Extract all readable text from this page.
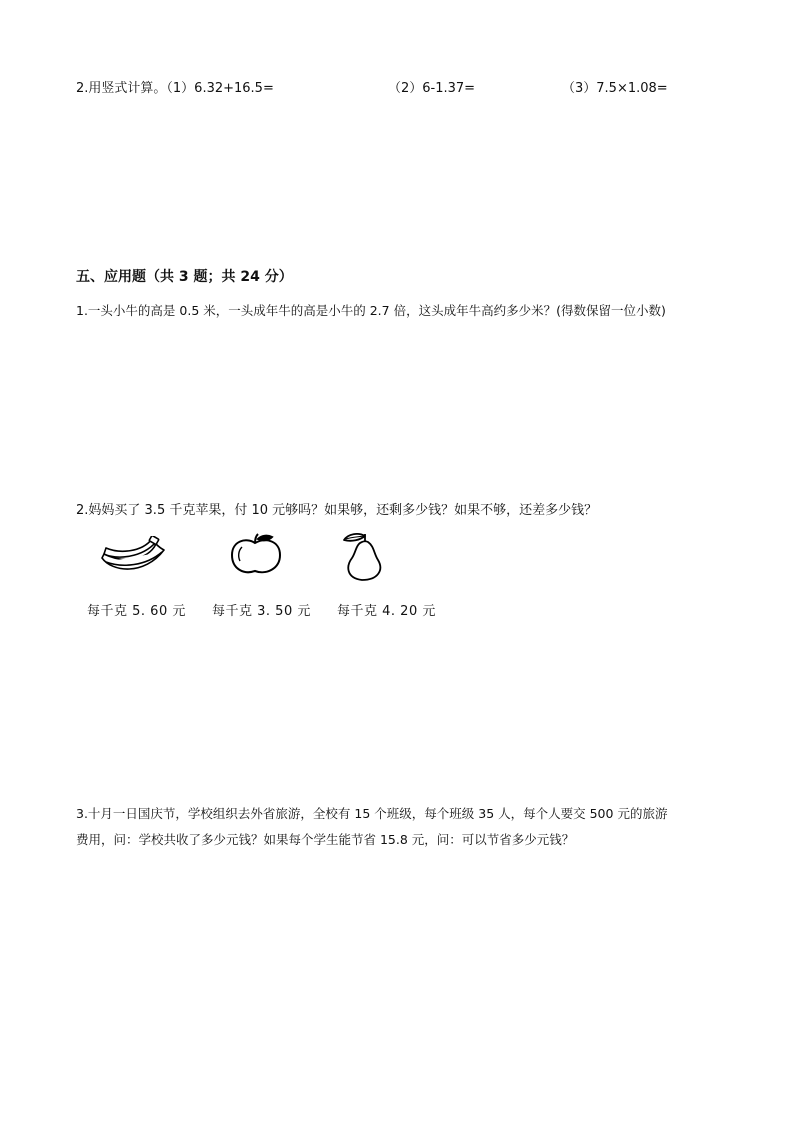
2.用竖式计算。（1）6.32+16.5=	（2）6-1.37=	（3）7.5×1.08=
五、应用题（共 3 题；共 24 分）
1.一头小牛的高是 0.5 米，一头成年牛的高是小牛的 2.7 倍，这头成年牛高约多少米？(得数保留一位小数)
2.妈妈买了 3.5 千克苹果，付 10 元够吗？如果够，还剩多少钱？如果不够，还差多少钱？
每千克 5. 60 元 每千克 3. 50 元 每千克 4. 20 元
3.十月一日国庆节，学校组织去外省旅游，全校有 15 个班级，每个班级 35 人，每个人要交 500 元的旅游
费用，问：学校共收了多少元钱？如果每个学生能节省 15.8 元，问：可以节省多少元钱？
